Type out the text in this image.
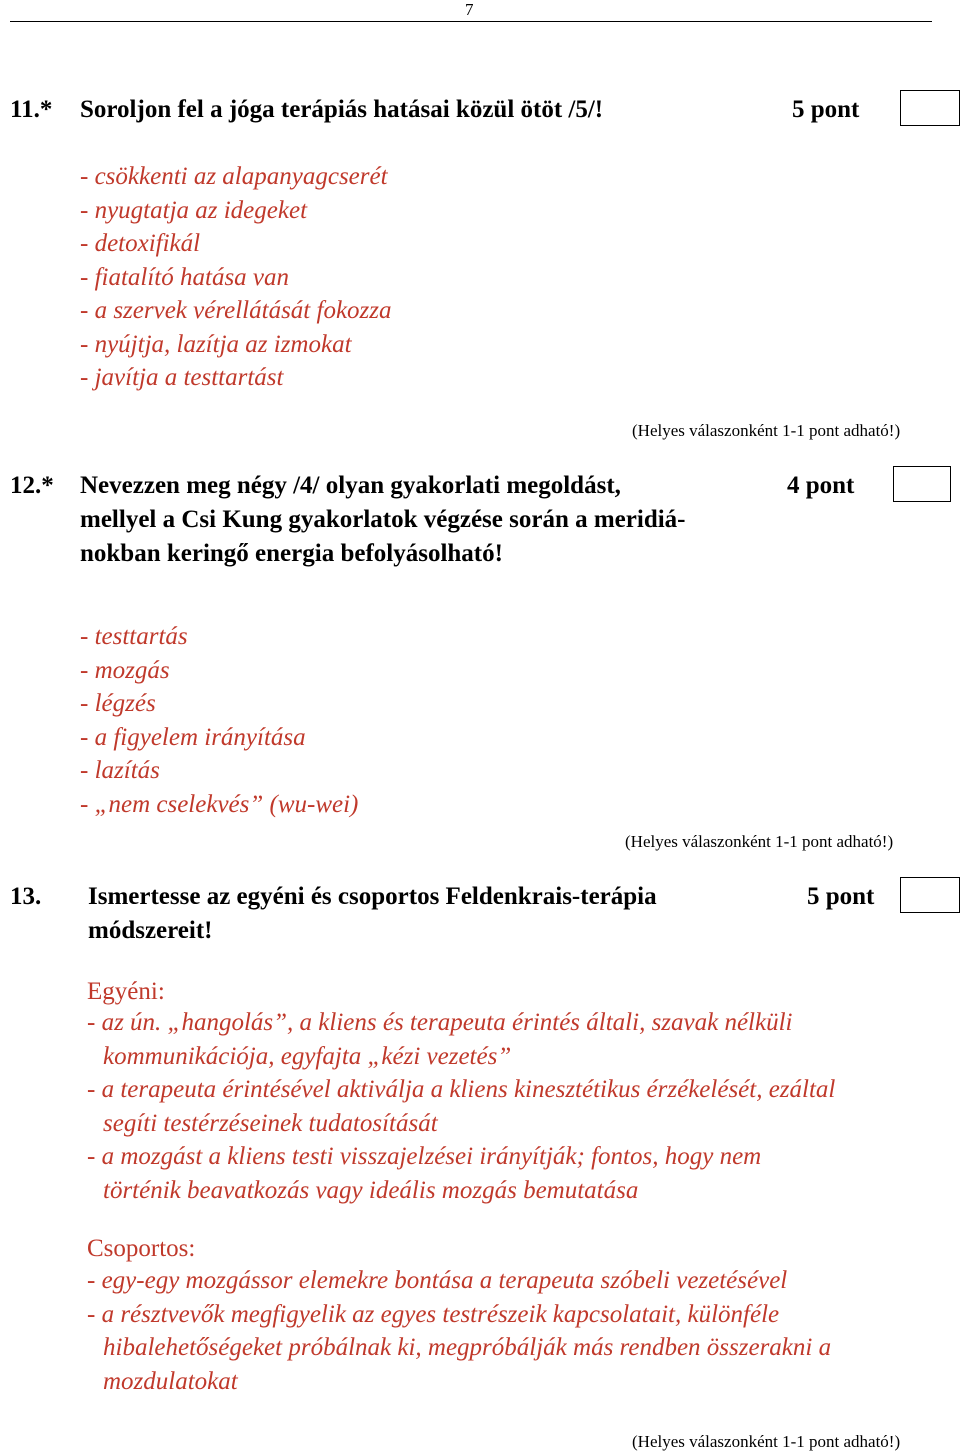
7
11.* Soroljon fel a jóga terápiás hatásai közül ötöt /5/!	5 pont
- csökkenti az alapanyagcserét
- nyugtatja az idegeket
- detoxifikál
- fiatalító hatása van
- a szervek vérellátását fokozza
- nyújtja, lazítja az izmokat
- javítja a testtartást
(Helyes válaszonként 1-1 pont adható!)
12.* Nevezzen meg négy /4/ olyan gyakorlati megoldást,
mellyel a Csi Kung gyakorlatok végzése során a meridiá-
nokban keringő energia befolyásolható!
4 pont
- testtartás
- mozgás
- légzés
- a figyelem irányítása
- lazítás
- „nem cselekvés” (wu-wei)
(Helyes válaszonként 1-1 pont adható!)
13. Ismertesse az egyéni és csoportos Feldenkrais-terápia
módszereit!
5 pont
Egyéni:
- az ún. „hangolás”, a kliens és terapeuta érintés általi, szavak nélküli
kommunikációja, egyfajta „kézi vezetés”
- a terapeuta érintésével aktiválja a kliens kinesztétikus érzékelését, ezáltal
segíti testérzéseinek tudatosítását
- a mozgást a kliens testi visszajelzései irányítják; fontos, hogy nem
történik beavatkozás vagy ideális mozgás bemutatása
Csoportos:
- egy-egy mozgássor elemekre bontása a terapeuta szóbeli vezetésével
- a résztvevők megfigyelik az egyes testrészeik kapcsolatait, különféle
hibalehetőségeket próbálnak ki, megpróbálják más rendben összerakni a
mozdulatokat
(Helyes válaszonként 1-1 pont adható!)
